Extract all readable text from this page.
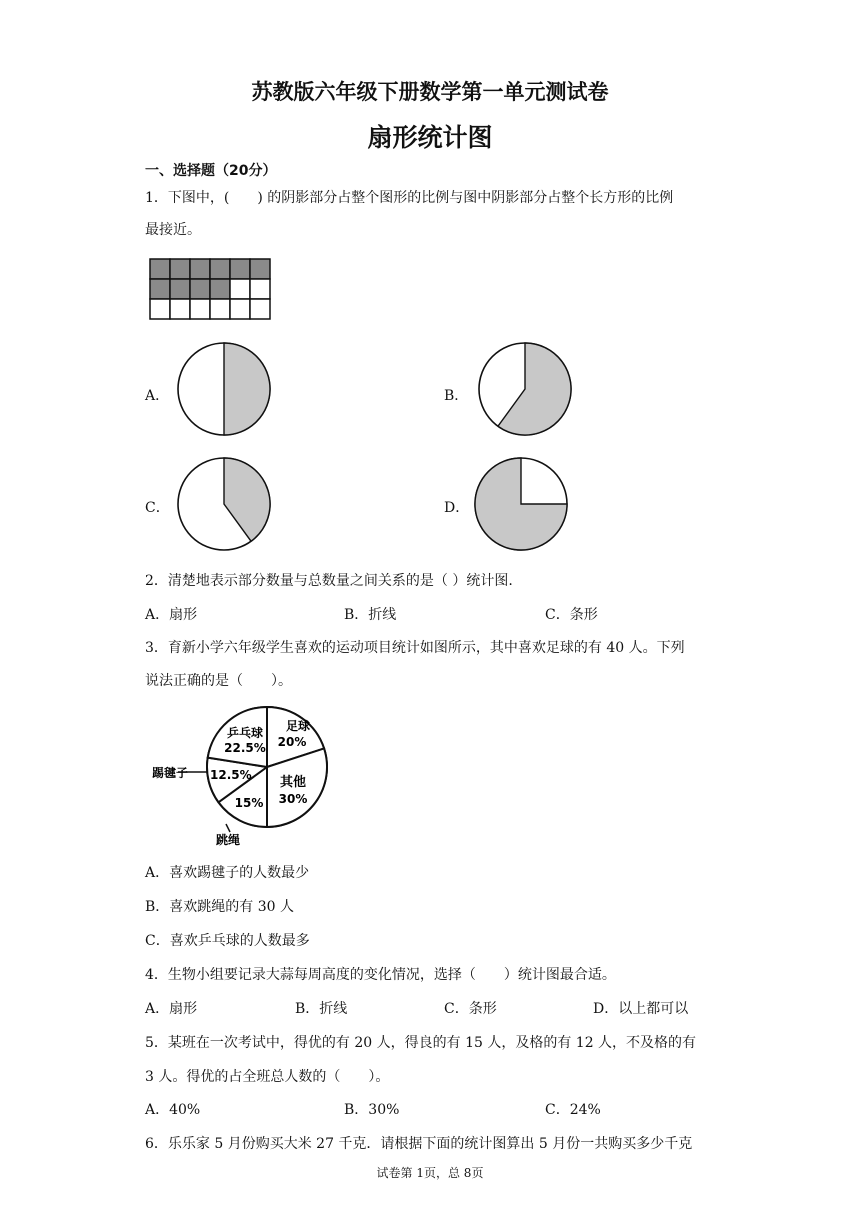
苏教版六年级下册数学第一单元测试卷
扇形统计图
一、选择题（20分）
1．下图中，(　　) 的阴影部分占整个图形的比例与图中阴影部分占整个长方形的比例
最接近。
A．	B．
C．	D．
2．清楚地表示部分数量与总数量之间关系的是（ ）统计图.
A．扇形	B．折线	C．条形
3．育新小学六年级学生喜欢的运动项目统计如图所示，其中喜欢足球的有 40 人。下列
说法正确的是（　　）。
足球
20%
其他
30%
15%
跳绳
踢毽子 12.5%
乒乓球
22.5%
A．喜欢踢毽子的人数最少
B．喜欢跳绳的有 30 人
C．喜欢乒乓球的人数最多
4．生物小组要记录大蒜每周高度的变化情况，选择（　　）统计图最合适。
A．扇形	B．折线	C．条形	D．以上都可以
5．某班在一次考试中，得优的有 20 人，得良的有 15 人，及格的有 12 人，不及格的有
3 人。得优的占全班总人数的（　　）。
A．40%	B．30%	C．24%
6．乐乐家 5 月份购买大米 27 千克．请根据下面的统计图算出 5 月份一共购买多少千克
试卷第 1页，总 8页
